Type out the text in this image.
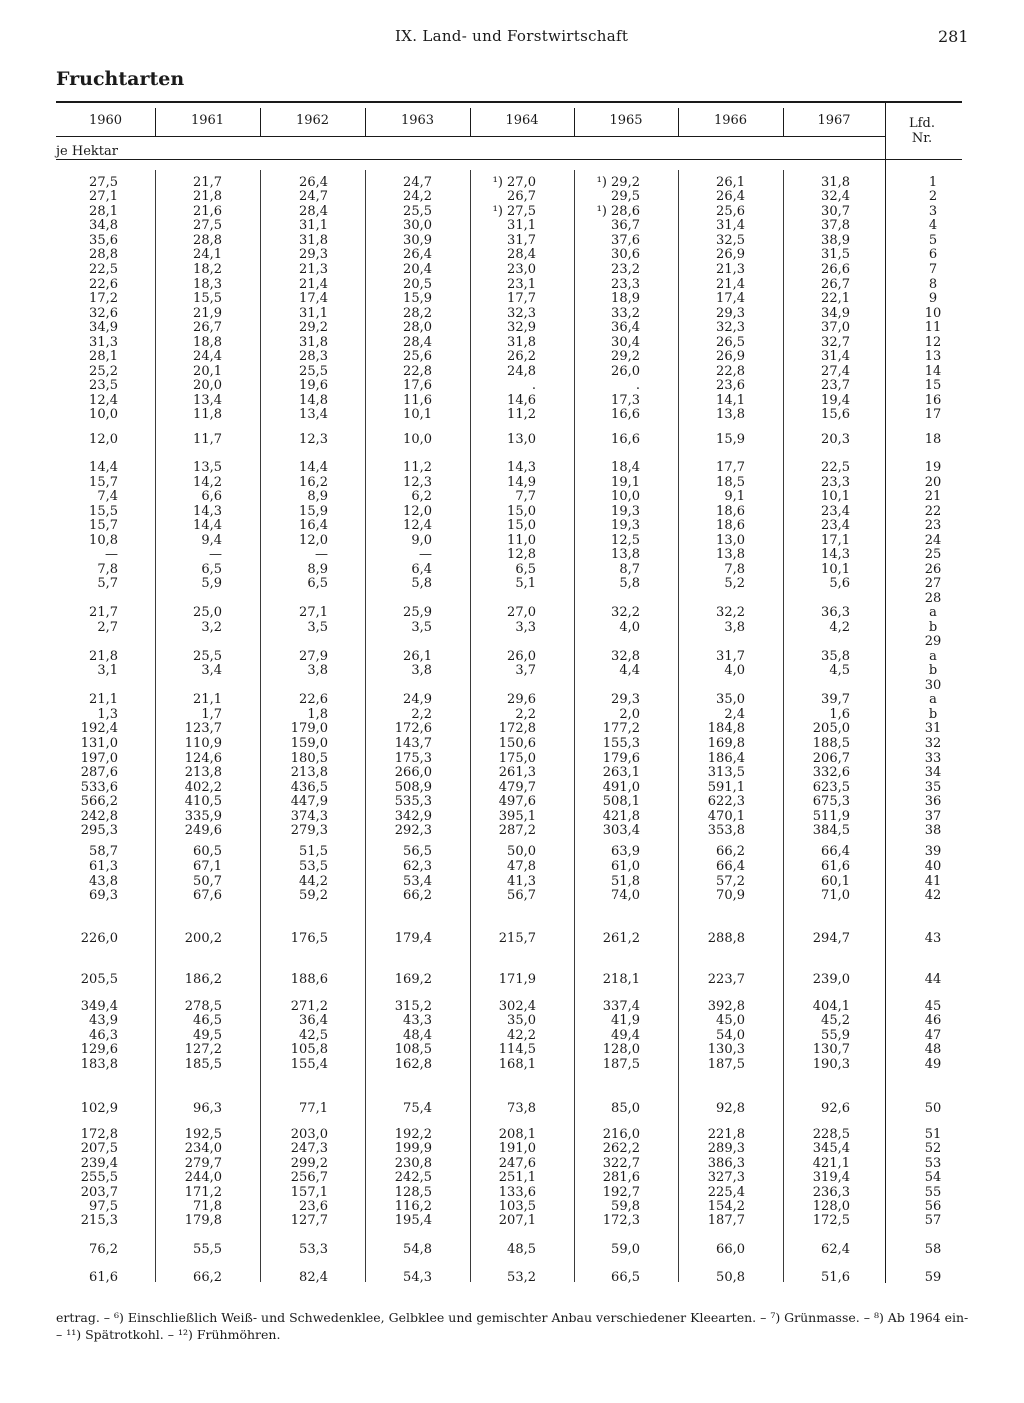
IX. Land- und Forstwirtschaft	281
Fruchtarten
1960	1961	1962	1963	1964	1965	1966	1967	Lfd.
Nr.
je Hektar
27,5	21,7	26,4	24,7	¹) 27,0	¹) 29,2	26,1	31,8	1
27,1	21,8	24,7	24,2	26,7	29,5	26,4	32,4	2
28,1	21,6	28,4	25,5	¹) 27,5	¹) 28,6	25,6	30,7	3
34,8	27,5	31,1	30,0	31,1	36,7	31,4	37,8	4
35,6	28,8	31,8	30,9	31,7	37,6	32,5	38,9	5
28,8	24,1	29,3	26,4	28,4	30,6	26,9	31,5	6
22,5	18,2	21,3	20,4	23,0	23,2	21,3	26,6	7
22,6	18,3	21,4	20,5	23,1	23,3	21,4	26,7	8
17,2	15,5	17,4	15,9	17,7	18,9	17,4	22,1	9
32,6	21,9	31,1	28,2	32,3	33,2	29,3	34,9	10
34,9	26,7	29,2	28,0	32,9	36,4	32,3	37,0	11
31,3	18,8	31,8	28,4	31,8	30,4	26,5	32,7	12
28,1	24,4	28,3	25,6	26,2	29,2	26,9	31,4	13
25,2	20,1	25,5	22,8	24,8	26,0	22,8	27,4	14
23,5	20,0	19,6	17,6	.	.	23,6	23,7	15
12,4	13,4	14,8	11,6	14,6	17,3	14,1	19,4	16
10,0	11,8	13,4	10,1	11,2	16,6	13,8	15,6	17
12,0	11,7	12,3	10,0	13,0	16,6	15,9	20,3	18
14,4	13,5	14,4	11,2	14,3	18,4	17,7	22,5	19
15,7	14,2	16,2	12,3	14,9	19,1	18,5	23,3	20
7,4	6,6	8,9	6,2	7,7	10,0	9,1	10,1	21
15,5	14,3	15,9	12,0	15,0	19,3	18,6	23,4	22
15,7	14,4	16,4	12,4	15,0	19,3	18,6	23,4	23
10,8	9,4	12,0	9,0	11,0	12,5	13,0	17,1	24
—	—	—	—	12,8	13,8	13,8	14,3	25
7,8	6,5	8,9	6,4	6,5	8,7	7,8	10,1	26
5,7	5,9	6,5	5,8	5,1	5,8	5,2	5,6	27
28
21,7	25,0	27,1	25,9	27,0	32,2	32,2	36,3	a
2,7	3,2	3,5	3,5	3,3	4,0	3,8	4,2	b
29
21,8	25,5	27,9	26,1	26,0	32,8	31,7	35,8	a
3,1	3,4	3,8	3,8	3,7	4,4	4,0	4,5	b
30
21,1	21,1	22,6	24,9	29,6	29,3	35,0	39,7	a
1,3	1,7	1,8	2,2	2,2	2,0	2,4	1,6	b
192,4	123,7	179,0	172,6	172,8	177,2	184,8	205,0	31
131,0	110,9	159,0	143,7	150,6	155,3	169,8	188,5	32
197,0	124,6	180,5	175,3	175,0	179,6	186,4	206,7	33
287,6	213,8	213,8	266,0	261,3	263,1	313,5	332,6	34
533,6	402,2	436,5	508,9	479,7	491,0	591,1	623,5	35
566,2	410,5	447,9	535,3	497,6	508,1	622,3	675,3	36
242,8	335,9	374,3	342,9	395,1	421,8	470,1	511,9	37
295,3	249,6	279,3	292,3	287,2	303,4	353,8	384,5	38
58,7	60,5	51,5	56,5	50,0	63,9	66,2	66,4	39
61,3	67,1	53,5	62,3	47,8	61,0	66,4	61,6	40
43,8	50,7	44,2	53,4	41,3	51,8	57,2	60,1	41
69,3	67,6	59,2	66,2	56,7	74,0	70,9	71,0	42
226,0	200,2	176,5	179,4	215,7	261,2	288,8	294,7	43
205,5	186,2	188,6	169,2	171,9	218,1	223,7	239,0	44
349,4	278,5	271,2	315,2	302,4	337,4	392,8	404,1	45
43,9	46,5	36,4	43,3	35,0	41,9	45,0	45,2	46
46,3	49,5	42,5	48,4	42,2	49,4	54,0	55,9	47
129,6	127,2	105,8	108,5	114,5	128,0	130,3	130,7	48
183,8	185,5	155,4	162,8	168,1	187,5	187,5	190,3	49
102,9	96,3	77,1	75,4	73,8	85,0	92,8	92,6	50
172,8	192,5	203,0	192,2	208,1	216,0	221,8	228,5	51
207,5	234,0	247,3	199,9	191,0	262,2	289,3	345,4	52
239,4	279,7	299,2	230,8	247,6	322,7	386,3	421,1	53
255,5	244,0	256,7	242,5	251,1	281,6	327,3	319,4	54
203,7	171,2	157,1	128,5	133,6	192,7	225,4	236,3	55
97,5	71,8	23,6	116,2	103,5	59,8	154,2	128,0	56
215,3	179,8	127,7	195,4	207,1	172,3	187,7	172,5	57
76,2	55,5	53,3	54,8	48,5	59,0	66,0	62,4	58
61,6	66,2	82,4	54,3	53,2	66,5	50,8	51,6	59
ertrag. – ⁶) Einschließlich Weiß- und Schwedenklee, Gelbklee und gemischter Anbau verschiedener Kleearten. – ⁷) Grünmasse. – ⁸) Ab 1964 ein-
– ¹¹) Spätrotkohl. – ¹²) Frühmöhren.
